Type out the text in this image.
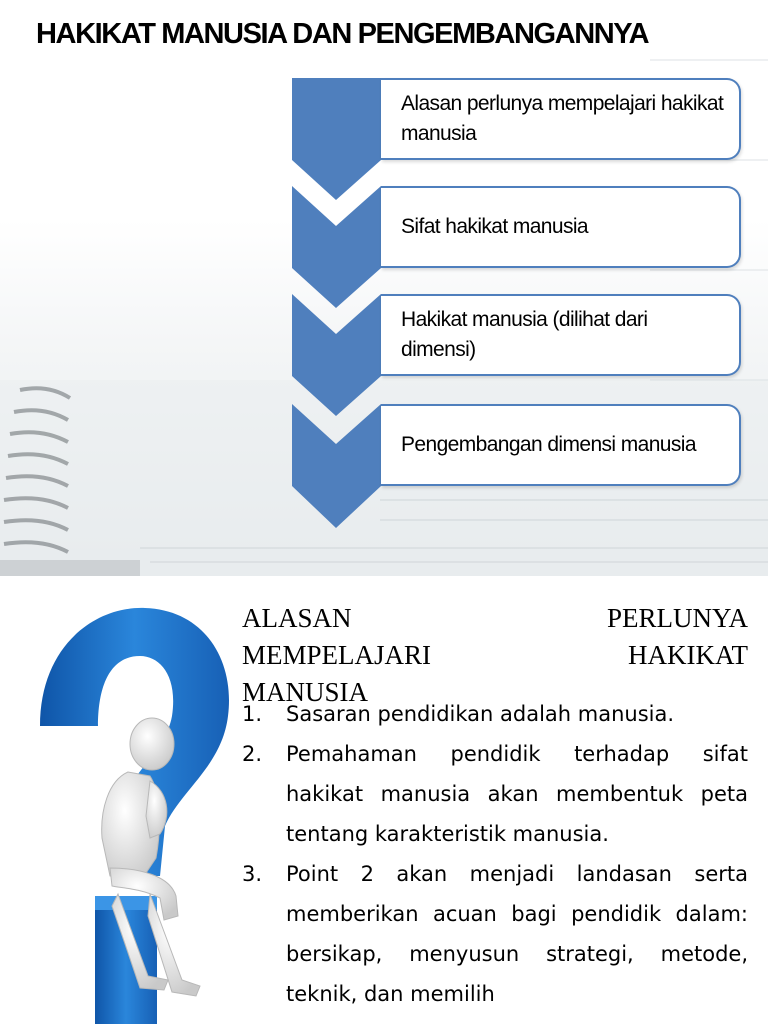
HAKIKAT MANUSIA DAN PENGEMBANGANNYA
Alasan perlunya mempelajari hakikat manusia
Sifat hakikat manusia
Hakikat manusia (dilihat dari dimensi)
Pengembangan dimensi manusia
ALASAN	PERLUNYA
MEMPELAJARI	HAKIKAT
MANUSIA
1.	Sasaran pendidikan adalah manusia.
2.	Pemahaman pendidik terhadap sifat hakikat manusia akan membentuk peta tentang karakteristik manusia.
3.	Point 2 akan menjadi landasan serta memberikan acuan bagi pendidik dalam: bersikap, menyusun strategi, metode, teknik, dan memilih
